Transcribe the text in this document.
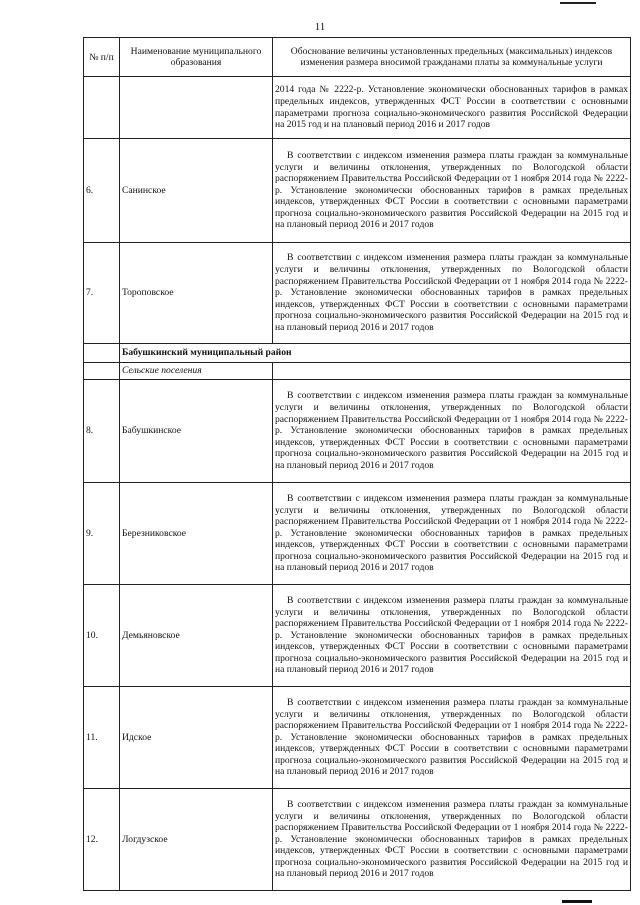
11
№ п/п	Наименование муниципального образования	Обоснование величины установленных предельных (максимальных) индексов изменения размера вносимой гражданами платы за коммунальные услуги
		2014 года № 2222-р. Установление экономически обоснованных тарифов в рамках предельных индексов, утвержденных ФСТ России в соответствии с основными параметрами прогноза социально-экономического развития Российской Федерации на 2015 год и на плановый период 2016 и 2017 годов
6.	Санинское	В соответствии с индексом изменения размера платы граждан за коммунальные услуги и величины отклонения, утвержденных по Вологодской области распоряжением Правительства Российской Федерации от 1 ноября 2014 года № 2222-р. Установление экономически обоснованных тарифов в рамках предельных индексов, утвержденных ФСТ России в соответствии с основными параметрами прогноза социально-экономического развития Российской Федерации на 2015 год и на плановый период 2016 и 2017 годов

7.	Тороповское	В соответствии с индексом изменения размера платы граждан за коммунальные услуги и величины отклонения, утвержденных по Вологодской области распоряжением Правительства Российской Федерации от 1 ноября 2014 года № 2222-р. Установление экономически обоснованных тарифов в рамках предельных индексов, утвержденных ФСТ России в соответствии с основными параметрами прогноза социально-экономического развития Российской Федерации на 2015 год и на плановый период 2016 и 2017 годов

	Бабушкинский муниципальный район	
	Сельские поселения	
8.	Бабушкинское	В соответствии с индексом изменения размера платы граждан за коммунальные услуги и величины отклонения, утвержденных по Вологодской области распоряжением Правительства Российской Федерации от 1 ноября 2014 года № 2222-р. Установление экономически обоснованных тарифов в рамках предельных индексов, утвержденных ФСТ России в соответствии с основными параметрами прогноза социально-экономического развития Российской Федерации на 2015 год и на плановый период 2016 и 2017 годов

9.	Березниковское	В соответствии с индексом изменения размера платы граждан за коммунальные услуги и величины отклонения, утвержденных по Вологодской области распоряжением Правительства Российской Федерации от 1 ноября 2014 года № 2222-р. Установление экономически обоснованных тарифов в рамках предельных индексов, утвержденных ФСТ России в соответствии с основными параметрами прогноза социально-экономического развития Российской Федерации на 2015 год и на плановый период 2016 и 2017 годов

10.	Демьяновское	В соответствии с индексом изменения размера платы граждан за коммунальные услуги и величины отклонения, утвержденных по Вологодской области распоряжением Правительства Российской Федерации от 1 ноября 2014 года № 2222-р. Установление экономически обоснованных тарифов в рамках предельных индексов, утвержденных ФСТ России в соответствии с основными параметрами прогноза социально-экономического развития Российской Федерации на 2015 год и на плановый период 2016 и 2017 годов

11.	Идское	В соответствии с индексом изменения размера платы граждан за коммунальные услуги и величины отклонения, утвержденных по Вологодской области распоряжением Правительства Российской Федерации от 1 ноября 2014 года № 2222-р. Установление экономически обоснованных тарифов в рамках предельных индексов, утвержденных ФСТ России в соответствии с основными параметрами прогноза социально-экономического развития Российской Федерации на 2015 год и на плановый период 2016 и 2017 годов

12.	Логдузское	В соответствии с индексом изменения размера платы граждан за коммунальные услуги и величины отклонения, утвержденных по Вологодской области распоряжением Правительства Российской Федерации от 1 ноября 2014 года № 2222-р. Установление экономически обоснованных тарифов в рамках предельных индексов, утвержденных ФСТ России в соответствии с основными параметрами прогноза социально-экономического развития Российской Федерации на 2015 год и на плановый период 2016 и 2017 годов
